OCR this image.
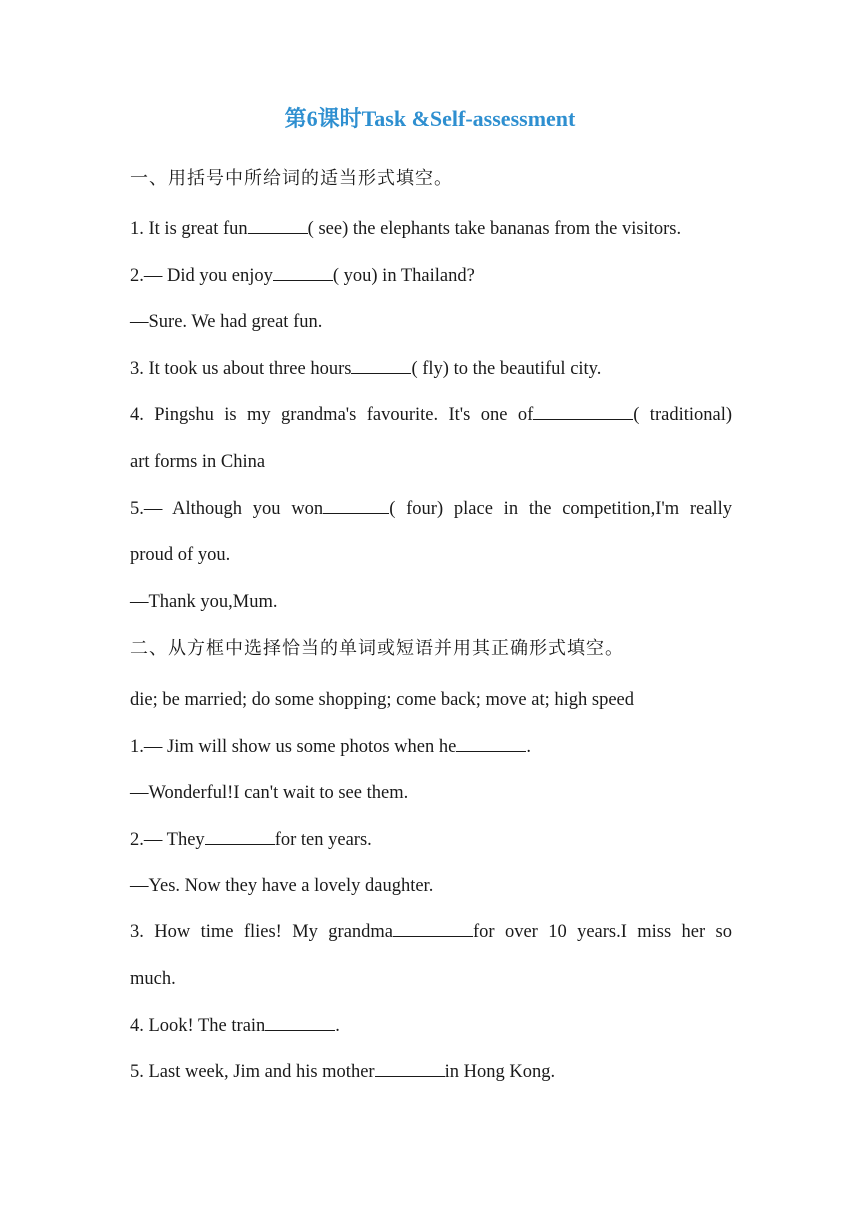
第6课时Task &Self-assessment
一、用括号中所给词的适当形式填空。
1. It is great fun	( see) the elephants take bananas from the visitors.
2.— Did you enjoy	( you) in Thailand?
—Sure. We had great fun.
3. It took us about three hours	( fly) to the beautiful city.
4. Pingshu is my grandma's favourite. It's one of	( traditional)
art forms in China
5.— Although you won	( four) place in the competition,I'm really
proud of you.
—Thank you,Mum.
二、从方框中选择恰当的单词或短语并用其正确形式填空。
die; be married; do some shopping; come back; move at; high speed
1.— Jim will show us some photos when he	.
—Wonderful!I can't wait to see them.
2.— They	for ten years.
—Yes. Now they have a lovely daughter.
3. How time flies! My grandma	for over 10 years.I miss her so
much.
4. Look! The train	.
5. Last week, Jim and his mother	in Hong Kong.
